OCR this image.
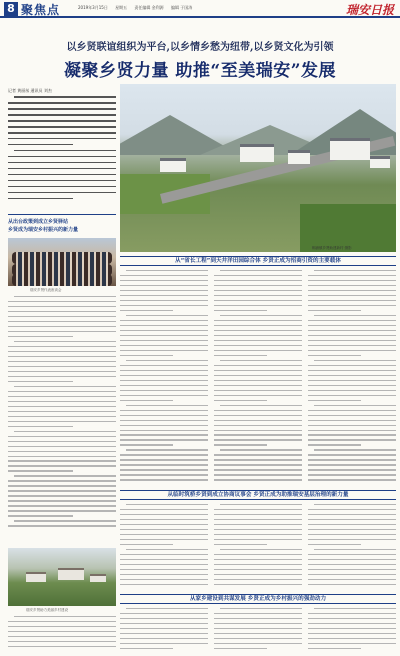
8 聚焦点	2019年3月15日 星期五 责任编辑 金利源 编辑 于国涛	瑞安日报
以乡贤联谊组织为平台,以乡情乡愁为纽带,以乡贤文化为引领
凝聚乡贤力量 助推“至美瑞安”发展
记者 黄丽丝 通讯员 刘杰
从出台政策到成立乡贤驿站
乡贤成为瑞安乡村振兴的新力量
瑞安乡贤代表座谈会
瑞安乡贤助力美丽乡村建设
桐浦镇乡贤助建新村·摄影
从“省长工程”到天井洋田园综合体 乡贤正成为招商引资的主要载体
从临时筑桥乡贤到成立协商议事会 乡贤正成为助推瑞安基层治理的新力量
从家乡建设到共谋发展 乡贤正成为乡村振兴的强劲动力
